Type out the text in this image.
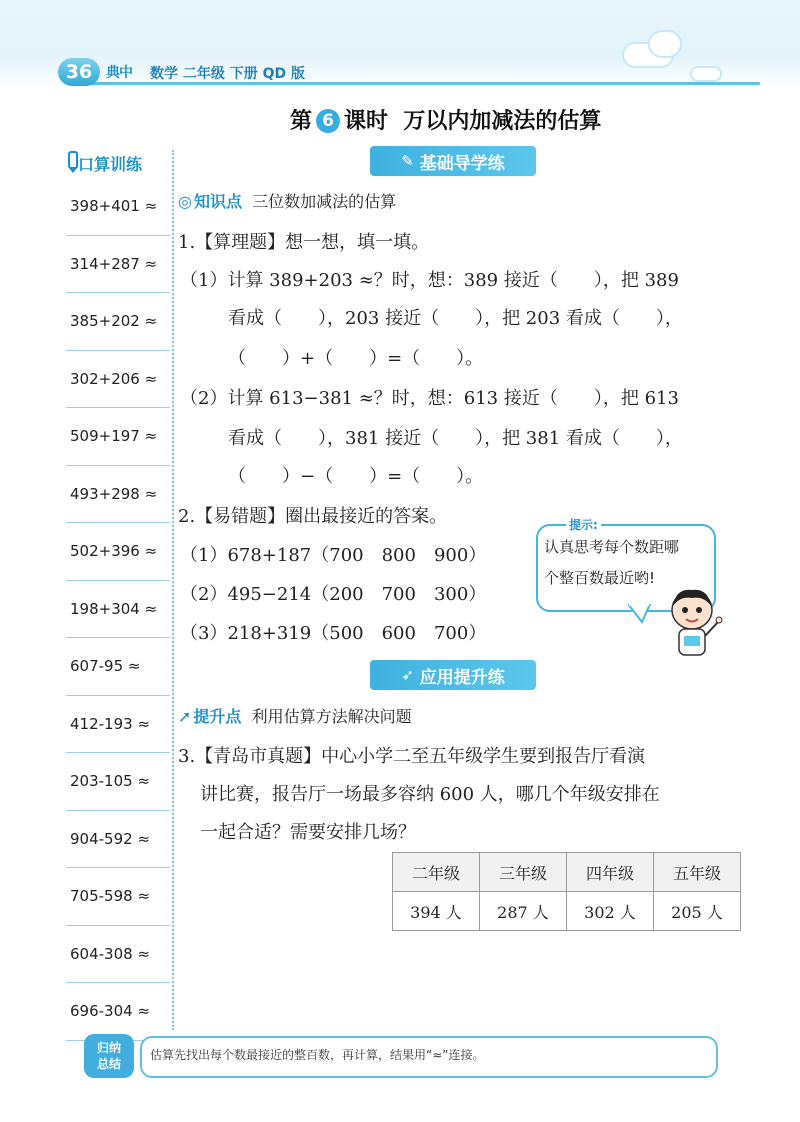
36 典中 数学 二年级 下册 QD 版
第 6 课时 万以内加减法的估算
口算训练
398+401 ≈
314+287 ≈
385+202 ≈
302+206 ≈
509+197 ≈
493+298 ≈
502+396 ≈
198+304 ≈
607-95 ≈
412-193 ≈
203-105 ≈
904-592 ≈
705-598 ≈
604-308 ≈
696-304 ≈
✎ 基础导学练
◎ 知识点 三位数加减法的估算
1.【算理题】想一想，填一填。
（1）计算 389+203 ≈？时，想：389 接近（　　），把 389
看成（　　），203 接近（　　），把 203 看成（　　），
（　　）+（　　）=（　　）。
（2）计算 613−381 ≈？时，想：613 接近（　　），把 613
看成（　　），381 接近（　　），把 381 看成（　　），
（　　）−（　　）=（　　）。
2.【易错题】圈出最接近的答案。
（1）678+187（700　800　900）
（2）495−214（200　700　300）
（3）218+319（500　600　700）
提示:
认真思考每个数距哪
个整百数最近哟!
➶ 应用提升练
➚ 提升点 利用估算方法解决问题
3.【青岛市真题】中心小学二至五年级学生要到报告厅看演
讲比赛，报告厅一场最多容纳 600 人，哪几个年级安排在
一起合适？需要安排几场？
二年级	三年级	四年级	五年级
394 人	287 人	302 人	205 人
归纳
总结
估算先找出每个数最接近的整百数，再计算，结果用“≈”连接。
